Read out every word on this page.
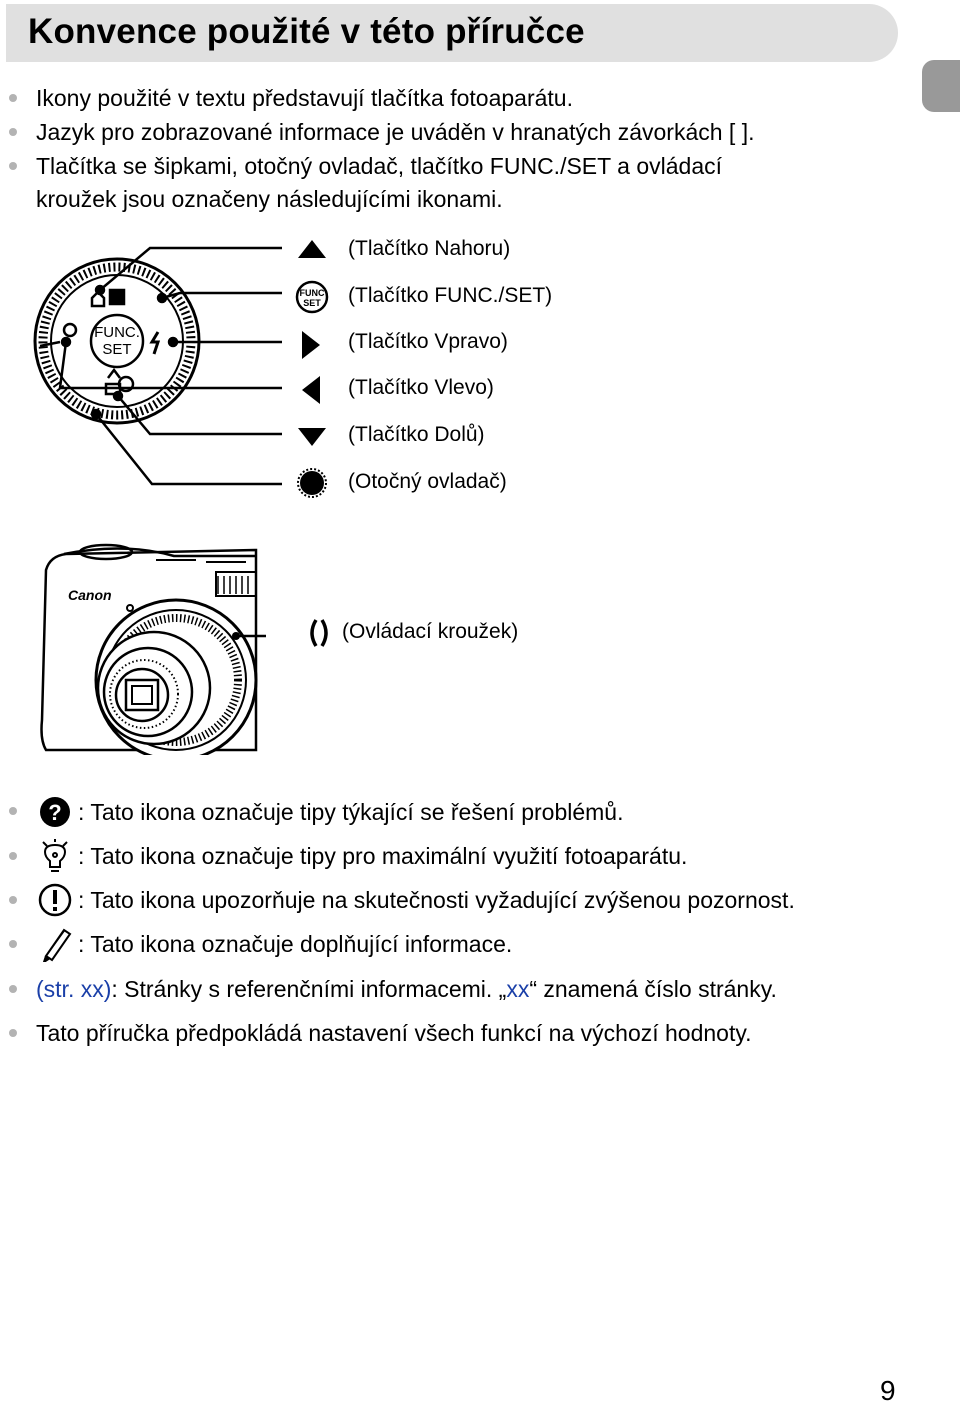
Konvence použité v této příručce
Ikony použité v textu představují tlačítka fotoaparátu.
Jazyk pro zobrazované informace je uváděn v hranatých závorkách [ ].
Tlačítka se šipkami, otočný ovladač, tlačítko FUNC./SET a ovládací
kroužek jsou označeny následujícími ikonami.
FUNC.
SET
(Tlačítko Nahoru)
FUNC
SET (Tlačítko FUNC./SET)
(Tlačítko Vpravo)
(Tlačítko Vlevo)
(Tlačítko Dolů)
(Otočný ovladač)
Canon
(Ovládací kroužek)
? : Tato ikona označuje tipy týkající se řešení problémů.
: Tato ikona označuje tipy pro maximální využití fotoaparátu.
: Tato ikona upozorňuje na skutečnosti vyžadující zvýšenou pozornost.
: Tato ikona označuje doplňující informace.
(str. xx): Stránky s referenčními informacemi. „xx“ znamená číslo stránky.
Tato příručka předpokládá nastavení všech funkcí na výchozí hodnoty.
9
